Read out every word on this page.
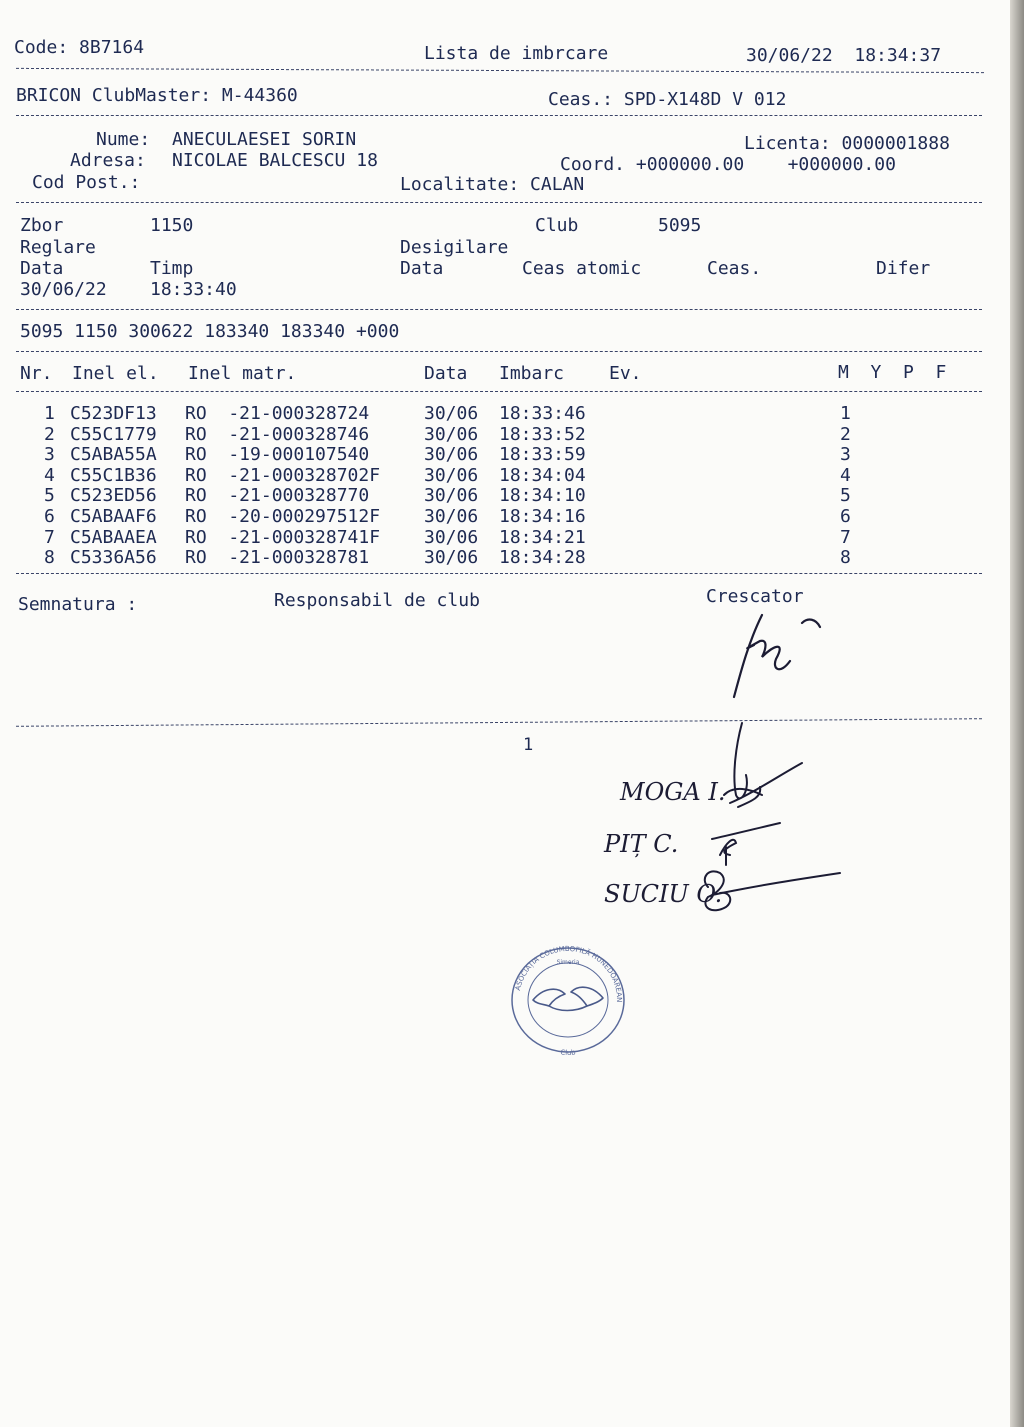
Code: 8B7164	Lista de imbrcare	30/06/22  18:34:37
BRICON ClubMaster: M-44360	Ceas.: SPD-X148D V 012
Nume: ANECULAESEI SORIN	Licenta: 0000001888
Adresa: NICOLAE BALCESCU 18	Coord. +000000.00    +000000.00
Cod Post.:	Localitate: CALAN
Zbor	1150	Club	5095
Reglare	Desigilare
Data	Timp	Data	Ceas atomic	Ceas.	Difer
30/06/22 18:33:40
5095 1150 300622 183340 183340 +000
Nr. Inel el. Inel matr.	Data Imbarc Ev.	M  Y  P  F
1 C523DF13 RO  -21-000328724 30/06 18:33:46	1
2 C55C1779 RO  -21-000328746 30/06 18:33:52	2
3 C5ABA55A RO  -19-000107540 30/06 18:33:59	3
4 C55C1B36 RO  -21-000328702F 30/06 18:34:04	4
5 C523ED56 RO  -21-000328770 30/06 18:34:10	5
6 C5ABAAF6 RO  -20-000297512F 30/06 18:34:16	6
7 C5ABAAEA RO  -21-000328741F 30/06 18:34:21	7
8 C5336A56 RO  -21-000328781 30/06 18:34:28	8
Semnatura :	Responsabil de club	Crescator
1
MOGA I.
PIȚ C.
SUCIU O.
ASOCIAȚIA COLUMBOFILĂ HUNEDOAREAN
Club
Simeria
